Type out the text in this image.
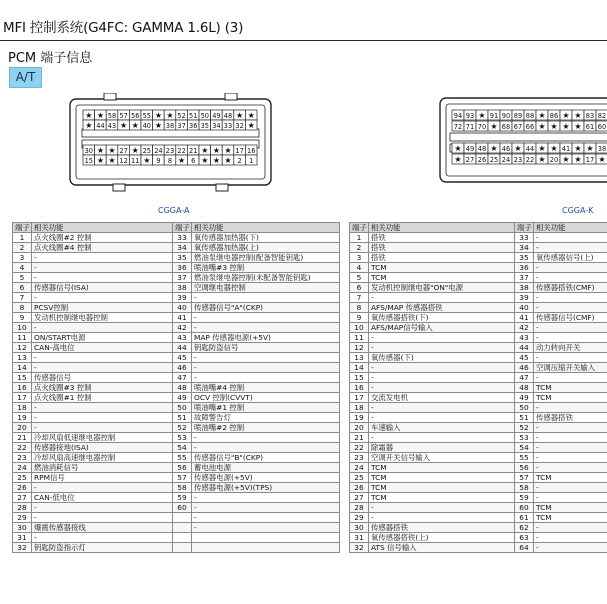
MFI 控制系统(G4FC: GAMMA 1.6L) (3)
PCM 端子信息
A/T
★ ★ 58 57 56 55 ★ ★ 52 51 50 49 48 ★ ★
★ 44 43 ★ ★ 40 ★ 38 37 36 35 34 33 32 ★
30 ★ ★ 27 ★ 25 24 23 22 21 ★ ★ ★ 17 16
15 ★ ★ 12 11 ★ 9 8 ★ 6 ★ ★ ★ 2 1
CGGA-A
94 93 ★ 91 90 89 88 ★ 86 ★ ★ 83 82
72 71 70 ★ 68 67 66 ★ ★ ★ ★ 61 60
★ 49 48 ★ 46 ★ 44 ★ ★ 41 ★ ★ 38
★ 27 26 25 24 23 22 ★ 20 ★ ★ 17 ★
CGGA-K
端子	相关功能	端子	相关功能
1	点火线圈#2 控制	33	氧传感器加热器(下)
2	点火线圈#4 控制	34	氧传感器加热器(上)
3	-	35	燃油泵继电器控制(配备智能钥匙)
4	-	36	喷油嘴#3 控制
5	-	37	燃油泵继电器控制(未配备智能钥匙)
6	传感器信号(ISA)	38	空调继电器控制
7	-	39	-
8	PCSV控制	40	传感器信号"A"(CKP)
9	发动机控制继电器控制	41	-
10	-	42	-
11	ON/START电源	43	MAP 传感器电源(+5V)
12	CAN-高电位	44	钥匙防盗信号
13	-	45	-
14	-	46	-
15	传感器信号	47	-
16	点火线圈#3 控制	48	喷油嘴#4 控制
17	点火线圈#1 控制	49	OCV 控制(CVVT)
18	-	50	喷油嘴#1 控制
19	-	51	故障警告灯
20	-	52	喷油嘴#2 控制
21	冷却风扇低速继电器控制	53	-
22	传感器接地(ISA)	54	-
23	冷却风扇高速继电器控制	55	传感器信号"B"(CKP)
24	燃油消耗信号	56	蓄电池电源
25	RPM信号	57	传感器电源(+5V)
26	-	58	传感器电源(+5V)(TPS)
27	CAN-低电位	59	-
28	-	60	-
29	-		-
30	爆震传感器接线		-
31	-		
32	钥匙防盗指示灯		
端子	相关功能	端子	相关功能
1	搭铁	33	-
2	搭铁	34	-
3	搭铁	35	氧传感器信号(上)
4	TCM	36	-
5	TCM	37	-
6	发动机控制继电器"ON"电源	38	传感器搭铁(CMF)
7	-	39	-
8	AFS/MAP 传感器搭铁	40	-
9	氧传感器搭铁(下)	41	传感器信号(CMF)
10	AFS/MAP信号输入	42	-
11	-	43	-
12	-	44	动力转向开关
13	氧传感器(下)	45	-
14	-	46	空调压缩开关输入
15	-	47	-
16	-	48	TCM
17	交流发电机	49	TCM
18	-	50	-
19	-	51	传感器搭铁
20	车速输入	52	-
21	-	53	-
22	除霜器	54	-
23	空调开关信号输入	55	-
24	TCM	56	-
25	TCM	57	TCM
26	TCM	58	-
27	TCM	59	-
28	-	60	TCM
29	-	61	TCM
30	传感器搭铁	62	-
31	氧传感器搭铁(上)	63	-
32	ATS 信号输入	64	-
